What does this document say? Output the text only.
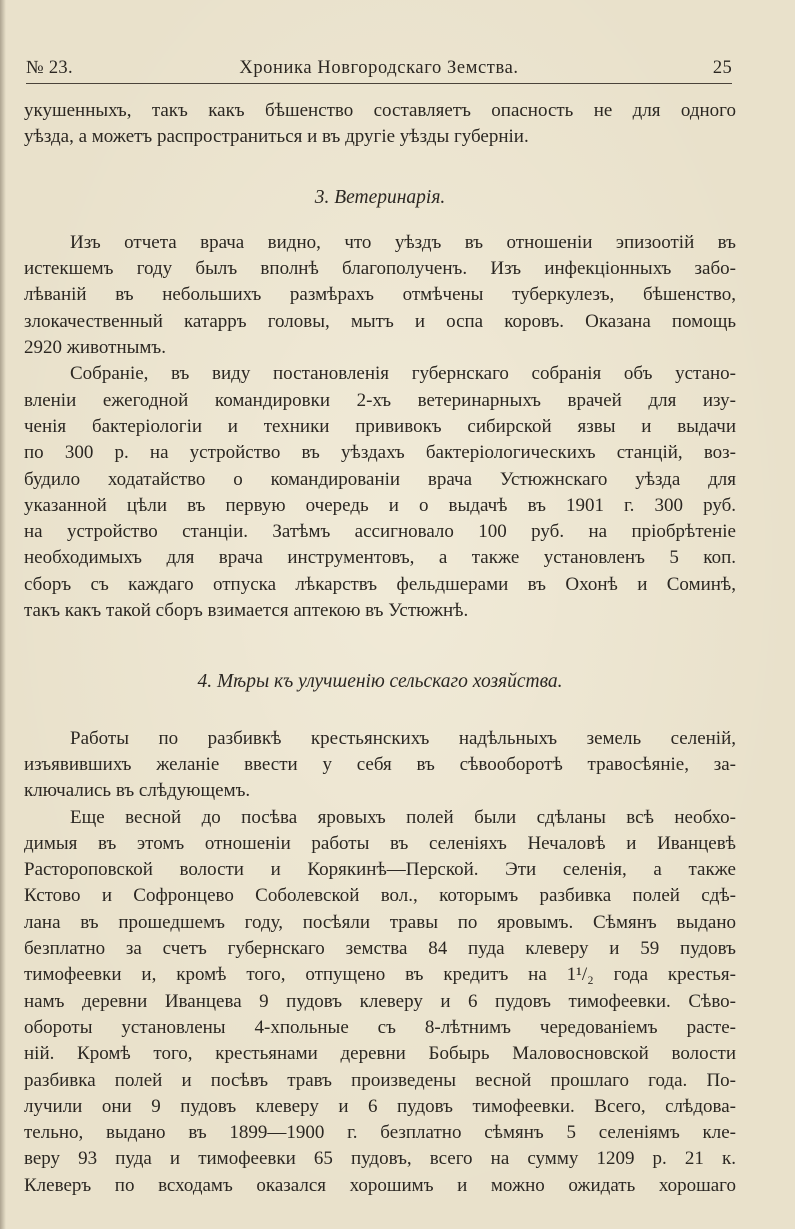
№ 23.	Хроника Новгородскаго Земства.	25

укушенныхъ, такъ какъ бѣшенство составляетъ опасность не для одного

уѣзда, а можетъ распространиться и въ другіе уѣзды губерніи.

3. Ветеринарія.

Изъ отчета врача видно, что уѣздъ въ отношеніи эпизоотій въ

истекшемъ году былъ вполнѣ благополученъ. Изъ инфекціонныхъ забо-

лѣваній въ небольшихъ размѣрахъ отмѣчены туберкулезъ, бѣшенство,

злокачественный катарръ головы, мытъ и оспа коровъ. Оказана помощь

2920 животнымъ.

Собраніе, въ виду постановленія губернскаго собранія объ устано-

вленіи ежегодной командировки 2-хъ ветеринарныхъ врачей для изу-

ченія бактеріологіи и техники прививокъ сибирской язвы и выдачи

по 300 р. на устройство въ уѣздахъ бактеріологическихъ станцій, воз-

будило ходатайство о командированіи врача Устюжнскаго уѣзда для

указанной цѣли въ первую очередь и о выдачѣ въ 1901 г. 300 руб.

на устройство станціи. Затѣмъ ассигновало 100 руб. на пріобрѣтеніе

необходимыхъ для врача инструментовъ, а также установленъ 5 коп.

сборъ съ каждаго отпуска лѣкарствъ фельдшерами въ Охонѣ и Соминѣ,

такъ какъ такой сборъ взимается аптекою въ Устюжнѣ.

4. Мѣры къ улучшенію сельскаго хозяйства.

Работы по разбивкѣ крестьянскихъ надѣльныхъ земель селеній,

изъявившихъ желаніе ввести у себя въ сѣвооборотѣ травосѣяніе, за-

ключались въ слѣдующемъ.

Еще весной до посѣва яровыхъ полей были сдѣланы всѣ необхо-

димыя въ этомъ отношеніи работы въ селеніяхъ Нечаловѣ и Иванцевѣ

Растороповской волости и Корякинѣ—Перской. Эти селенія, а также

Кстово и Софронцево Соболевской вол., которымъ разбивка полей сдѣ-

лана въ прошедшемъ году, посѣяли травы по яровымъ. Сѣмянъ выдано

безплатно за счетъ губернскаго земства 84 пуда клеверу и 59 пудовъ

тимофеевки и, кромѣ того, отпущено въ кредитъ на 1¹/₂ года крестья-

намъ деревни Иванцева 9 пудовъ клеверу и 6 пудовъ тимофеевки. Сѣво-

обороты установлены 4-хпольные съ 8-лѣтнимъ чередованіемъ расте-

ній. Кромѣ того, крестьянами деревни Бобырь Маловосновской волости

разбивка полей и посѣвъ травъ произведены весной прошлаго года. По-

лучили они 9 пудовъ клеверу и 6 пудовъ тимофеевки. Всего, слѣдова-

тельно, выдано въ 1899—1900 г. безплатно сѣмянъ 5 селеніямъ кле-

веру 93 пуда и тимофеевки 65 пудовъ, всего на сумму 1209 р. 21 к.

Клеверъ по всходамъ оказался хорошимъ и можно ожидать хорошаго
